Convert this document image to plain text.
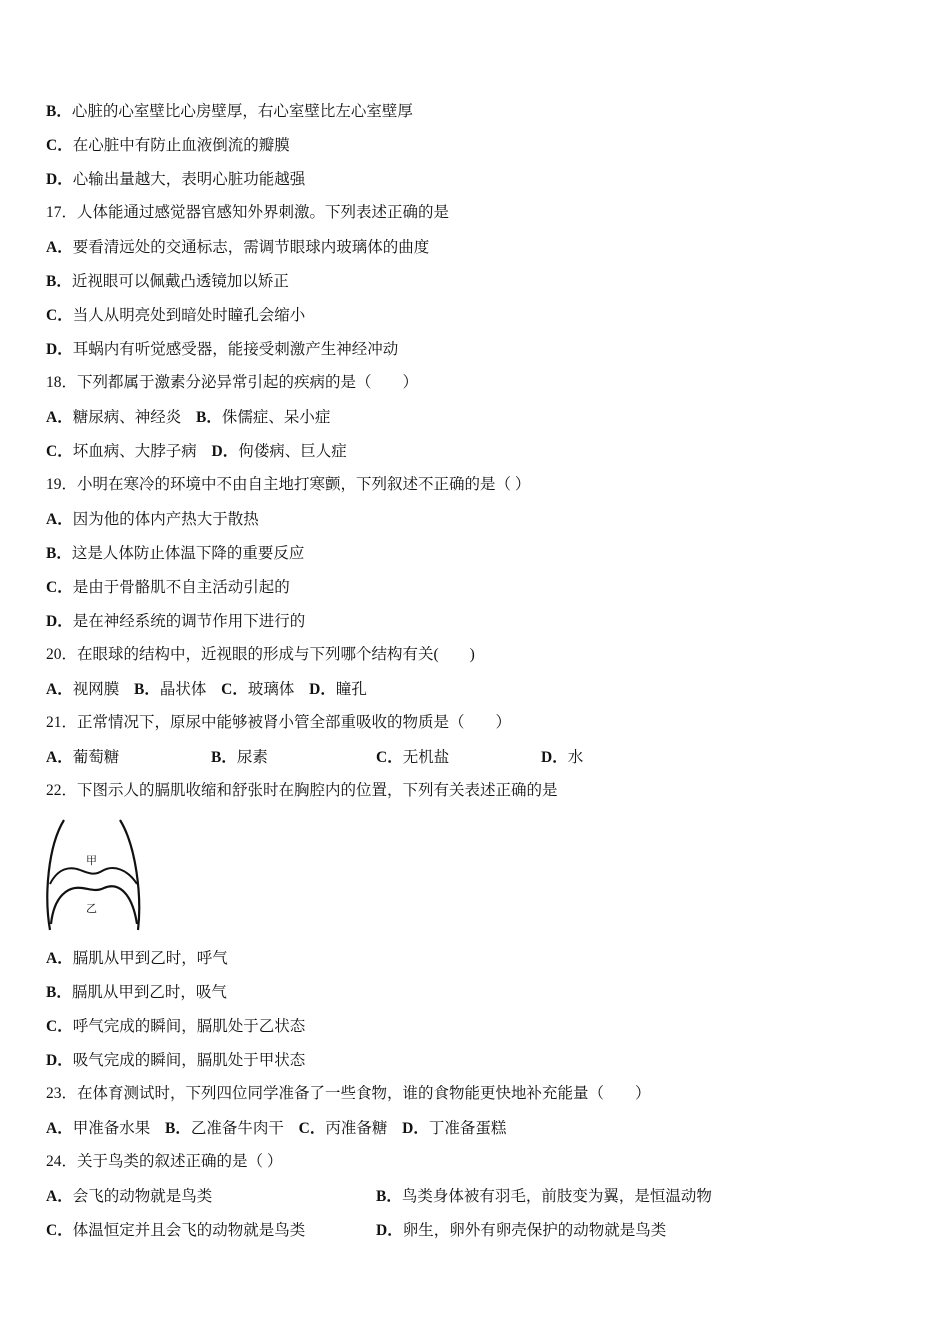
B．心脏的心室壁比心房壁厚，右心室壁比左心室壁厚
C．在心脏中有防止血液倒流的瓣膜
D．心输出量越大，表明心脏功能越强
17．人体能通过感觉器官感知外界刺激。下列表述正确的是
A．要看清远处的交通标志，需调节眼球内玻璃体的曲度
B．近视眼可以佩戴凸透镜加以矫正
C．当人从明亮处到暗处时瞳孔会缩小
D．耳蜗内有听觉感受器，能接受刺激产生神经冲动
18．下列都属于激素分泌异常引起的疾病的是（　　）
A．糖尿病、神经炎 B．侏儒症、呆小症
C．坏血病、大脖子病 D．佝偻病、巨人症
19．小明在寒冷的环境中不由自主地打寒颤，下列叙述不正确的是（ ）
A．因为他的体内产热大于散热
B．这是人体防止体温下降的重要反应
C．是由于骨骼肌不自主活动引起的
D．是在神经系统的调节作用下进行的
20．在眼球的结构中，近视眼的形成与下列哪个结构有关(　　)
A．视网膜 B．晶状体 C．玻璃体 D．瞳孔
21．正常情况下，原尿中能够被肾小管全部重吸收的物质是（　　）
A．葡萄糖	B．尿素	C．无机盐	D．水
22．下图示人的膈肌收缩和舒张时在胸腔内的位置，下列有关表述正确的是
甲
乙
A．膈肌从甲到乙时，呼气
B．膈肌从甲到乙时，吸气
C．呼气完成的瞬间，膈肌处于乙状态
D．吸气完成的瞬间，膈肌处于甲状态
23．在体育测试时，下列四位同学准备了一些食物，谁的食物能更快地补充能量（　　）
A．甲准备水果 B．乙准备牛肉干 C．丙准备糖 D．丁准备蛋糕
24．关于鸟类的叙述正确的是（ ）
A．会飞的动物就是鸟类	B．鸟类身体被有羽毛，前肢变为翼，是恒温动物
C．体温恒定并且会飞的动物就是鸟类	D．卵生，卵外有卵壳保护的动物就是鸟类
